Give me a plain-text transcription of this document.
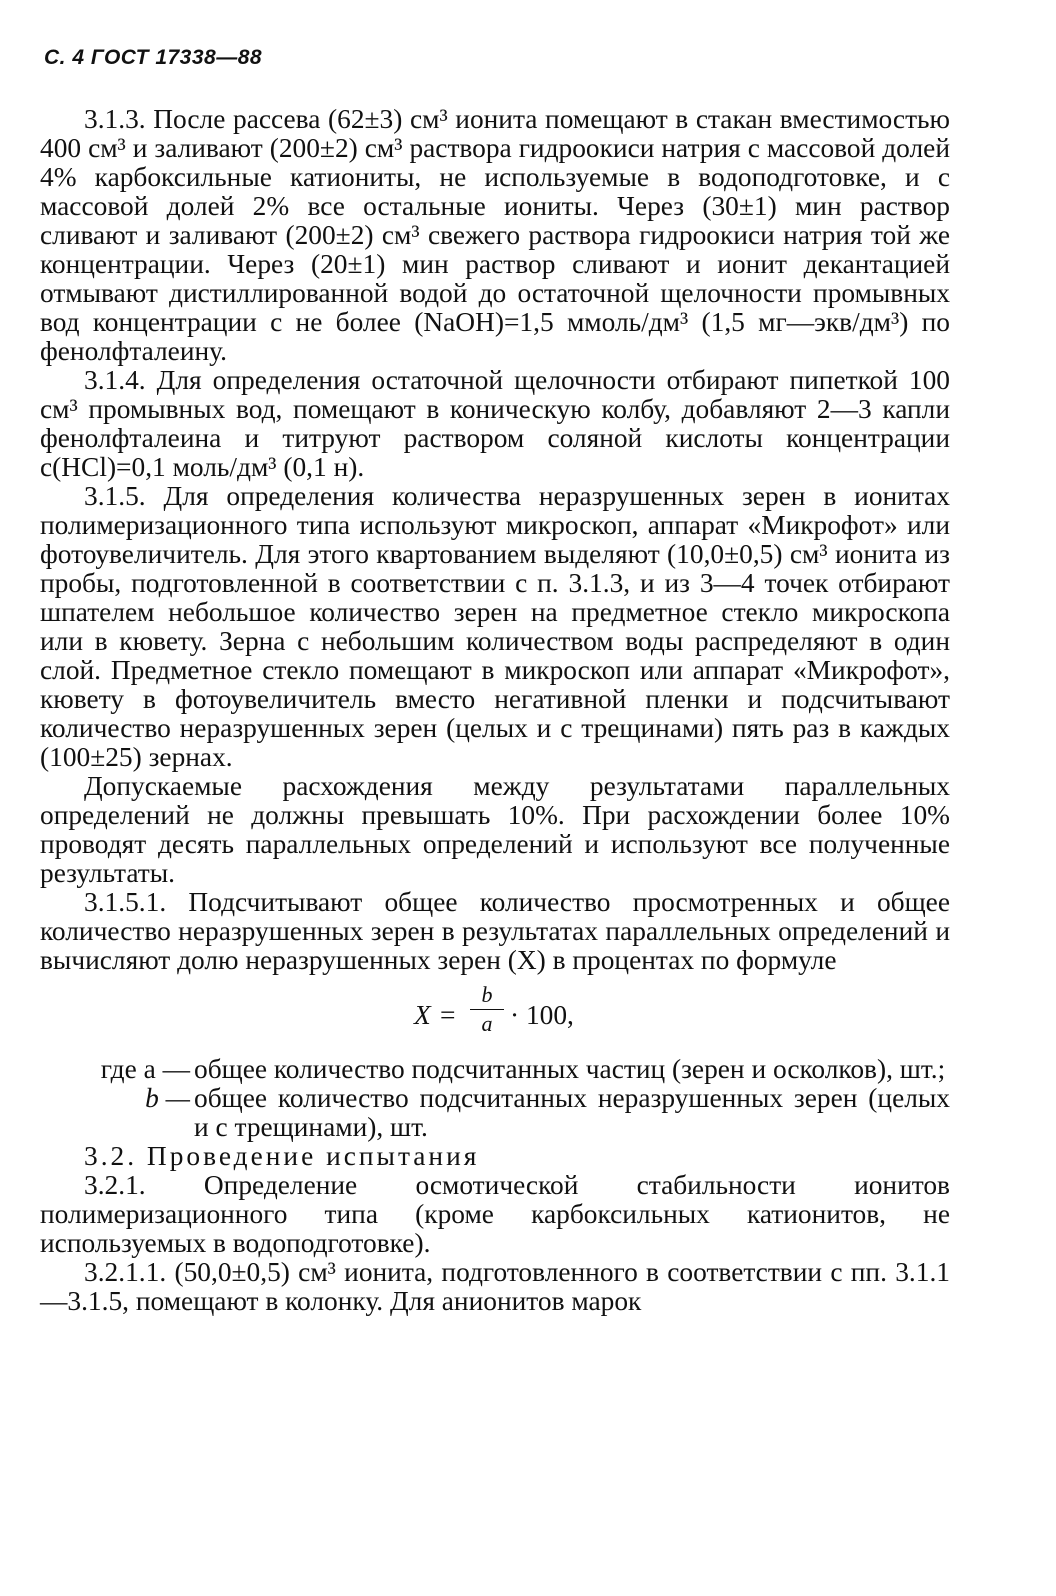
С. 4 ГОСТ 17338—88

3.1.3. После рассева (62±3) см³ ионита помещают в стакан вместимостью 400 см³ и заливают (200±2) см³ раствора гидроокиси натрия с массовой долей 4% карбоксильные катиониты, не используемые в водоподготовке, и с массовой долей 2% все остальные иониты. Через (30±1) мин раствор сливают и заливают (200±2) см³ свежего раствора гидроокиси натрия той же концентрации. Через (20±1) мин раствор сливают и ионит декантацией отмывают дистиллированной водой до остаточной щелочности промывных вод концентрации c не более (NaOH)=1,5 ммоль/дм³ (1,5 мг—экв/дм³) по фенолфталеину.

3.1.4. Для определения остаточной щелочности отбирают пипеткой 100 см³ промывных вод, помещают в коническую колбу, добавляют 2—3 капли фенолфталеина и титруют раствором соляной кислоты концентрации c(HCl)=0,1 моль/дм³ (0,1 н).

3.1.5. Для определения количества неразрушенных зерен в ионитах полимеризационного типа используют микроскоп, аппарат «Микрофот» или фотоувеличитель. Для этого квартованием выделяют (10,0±0,5) см³ ионита из пробы, подготовленной в соответствии с п. 3.1.3, и из 3—4 точек отбирают шпателем небольшое количество зерен на предметное стекло микроскопа или в кювету. Зерна с небольшим количеством воды распределяют в один слой. Предметное стекло помещают в микроскоп или аппарат «Микрофот», кювету в фотоувеличитель вместо негативной пленки и подсчитывают количество неразрушенных зерен (целых и с трещинами) пять раз в каждых (100±25) зернах.

Допускаемые расхождения между результатами параллельных определений не должны превышать 10%. При расхождении более 10% проводят десять параллельных определений и используют все полученные результаты.

3.1.5.1. Подсчитывают общее количество просмотренных и общее количество неразрушенных зерен в результатах параллельных определений и вычисляют долю неразрушенных зерен (X) в процентах по формуле

X =
b
a · 100,
где a — общее количество подсчитанных частиц (зерен и осколков), шт.;
b — общее количество подсчитанных неразрушенных зерен (целых и с трещинами), шт.

3.2. Проведение испытания

3.2.1. Определение осмотической стабильности ионитов полимеризационного типа (кроме карбоксильных катионитов, не используемых в водоподготовке).

3.2.1.1. (50,0±0,5) см³ ионита, подготовленного в соответствии с пп. 3.1.1—3.1.5, помещают в колонку. Для анионитов марок
